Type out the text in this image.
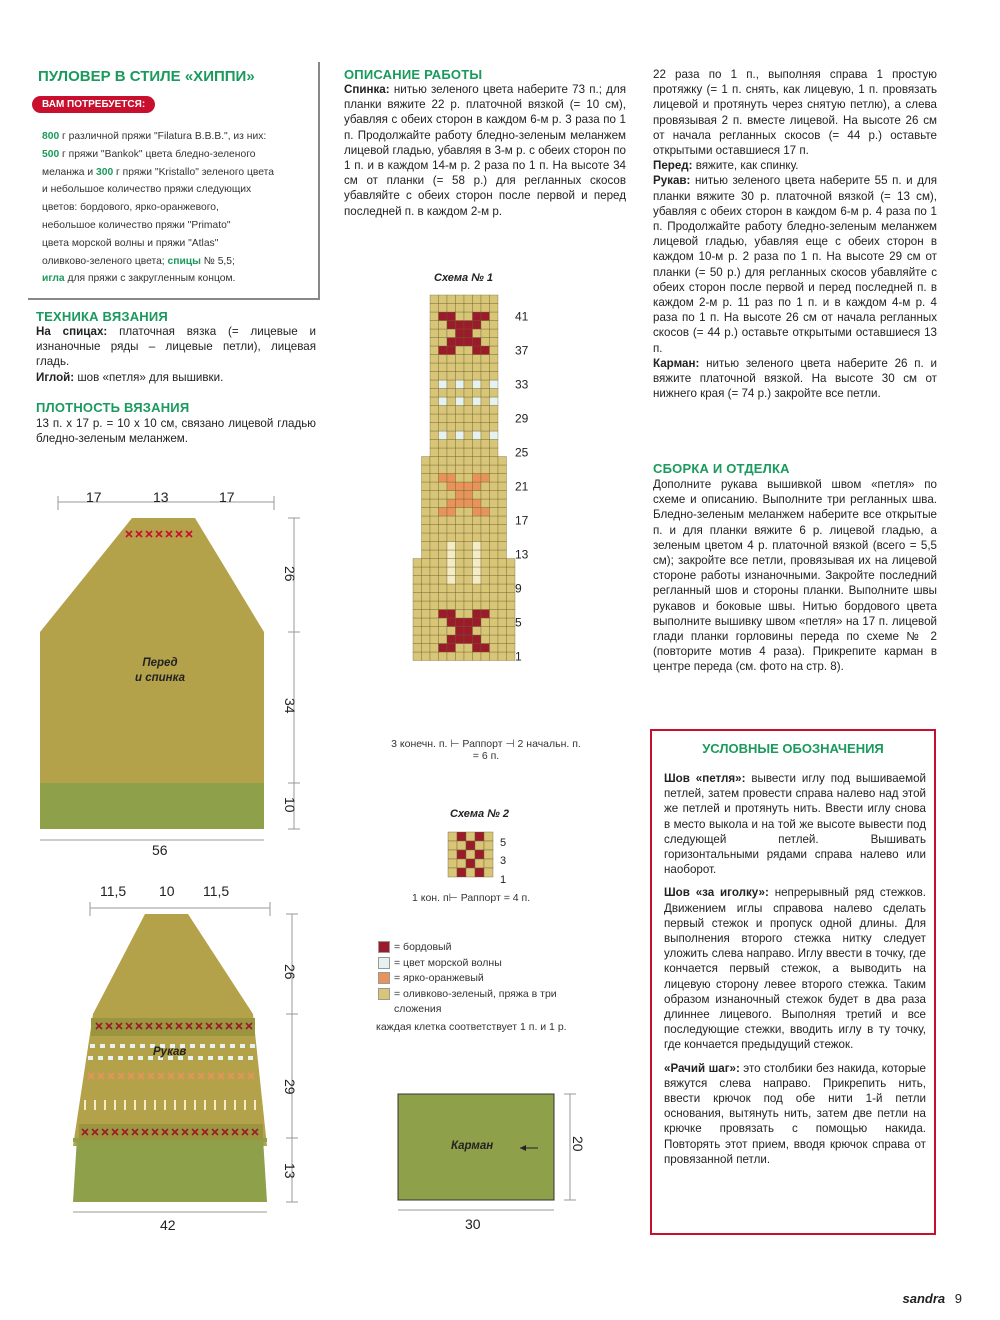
ПУЛОВЕР В СТИЛЕ «ХИППИ»
ВАМ ПОТРЕБУЕТСЯ:
800 г различной пряжи "Filatura B.B.B.", из них:
500 г пряжи "Bankok" цвета бледно-зеленого
меланжа и 300 г пряжи "Kristallo" зеленого цвета
и небольшое количество пряжи следующих
цветов: бордового, ярко-оранжевого,
небольшое количество пряжи "Primato"
цвета морской волны и пряжи "Atlas"
оливково-зеленого цвета; спицы № 5,5;
игла для пряжи с закругленным концом.
ТЕХНИКА ВЯЗАНИЯ
На спицах: платочная вязка (= лицевые и изнаночные ряды – лицевые петли), лицевая гладь.
Иглой: шов «петля» для вышивки.
ПЛОТНОСТЬ ВЯЗАНИЯ
13 п. х 17 р. = 10 х 10 см, связано лицевой гладью бледно-зеленым меланжем.
ОПИСАНИЕ РАБОТЫ
Спинка: нитью зеленого цвета наберите 73 п.; для планки вяжите 22 р. платочной вязкой (= 10 см), убавляя с обеих сторон в каждом 6-м р. 3 раза по 1 п. Продолжайте работу бледно-зеленым меланжем лицевой гладью, убавляя в 3-м р. с обеих сторон по 1 п. и в каждом 14-м р. 2 раза по 1 п. На высоте 34 см от планки (= 58 р.) для регланных скосов убавляйте с обеих сторон после первой и перед последней п. в каждом 2-м р.
22 раза по 1 п., выполняя справа 1 простую протяжку (= 1 п. снять, как лицевую, 1 п. провязать лицевой и протянуть через снятую петлю), а слева провязывая 2 п. вместе лицевой. На высоте 26 см от начала регланных скосов (= 44 р.) оставьте открытыми оставшиеся 17 п.
Перед: вяжите, как спинку.
Рукав: нитью зеленого цвета наберите 55 п. и для планки вяжите 30 р. платочной вязкой (= 13 см), убавляя с обеих сторон в каждом 6-м р. 4 раза по 1 п. Продолжайте работу бледно-зеленым меланжем лицевой гладью, убавляя еще с обеих сторон в каждом 10-м р. 2 раза по 1 п. На высоте 29 см от планки (= 50 р.) для регланных скосов убавляйте с обеих сторон после первой и перед последней п. в каждом 2-м р. 11 раз по 1 п. и в каждом 4-м р. 4 раза по 1 п. На высоте 26 см от начала регланных скосов (= 44 р.) оставьте открытыми оставшиеся 13 п.
Карман: нитью зеленого цвета наберите 26 п. и вяжите платочной вязкой. На высоте 30 см от нижнего края (= 74 р.) закройте все петли.
СБОРКА И ОТДЕЛКА
Дополните рукава вышивкой швом «петля» по схеме и описанию. Выполните три регланных шва. Бледно-зеленым меланжем наберите все открытые п. и для планки вяжите 6 р. лицевой гладью, а зеленым цветом 4 р. платочной вязкой (всего = 5,5 см); закройте все петли, провязывая их на лицевой стороне работы изнаночными. Закройте последний регланный шов и стороны планки. Выполните швы рукавов и боковые швы. Нитью бордового цвета выполните вышивку швом «петля» на 17 п. лицевой глади планки горловины переда по схеме № 2 (повторите мотив 4 раза). Прикрепите карман в центре переда (см. фото на стр. 8).
УСЛОВНЫЕ ОБОЗНАЧЕНИЯ
Шов «петля»: вывести иглу под вышиваемой петлей, затем провести справа налево над этой же петлей и протянуть нить. Ввести иглу снова в место выкола и на той же высоте вывести под следующей петлей. Вышивать горизонтальными рядами справа налево или наоборот.
Шов «за иголку»: непрерывный ряд стежков. Движением иглы справова налево сделать первый стежок и пропуск одной длины. Для выполнения второго стежка нитку следует уложить слева направо. Иглу ввести в точку, где кончается первый стежок, а выводить на лицевую сторону левее второго стежка. Таким образом изнаночный стежок будет в два раза длиннее лицевого. Выполняя третий и все последующие стежки, вводить иглу в ту точку, где кончается предыдущий стежок.
«Рачий шаг»: это столбики без накида, которые вяжутся слева направо. Прикрепить нить, ввести крючок под обе нити 1-й петли основания, вытянуть нить, затем две петли на крючке провязать с помощью накида. Повторять этот прием, вводя крючок справа от провязанной петли.
Схема № 1
41
37
33
29
25
21
17
13
9
5
1
3 конечн. п. ⊢ Раппорт ⊣ 2 начальн. п.
= 6 п.
Схема № 2
5
3
1
1 кон. п⊢ Раппорт = 4 п.
= бордовый
= цвет морской волны
= ярко-оранжевый
= оливково-зеленый, пряжа в три сложения
каждая клетка соответствует 1 п. и 1 р.
17	13	17
26
34
10
56
Перед
и спинка
11,5 10 11,5
26
29
13
42
Рукав
Карман	20
30
sandra 9
